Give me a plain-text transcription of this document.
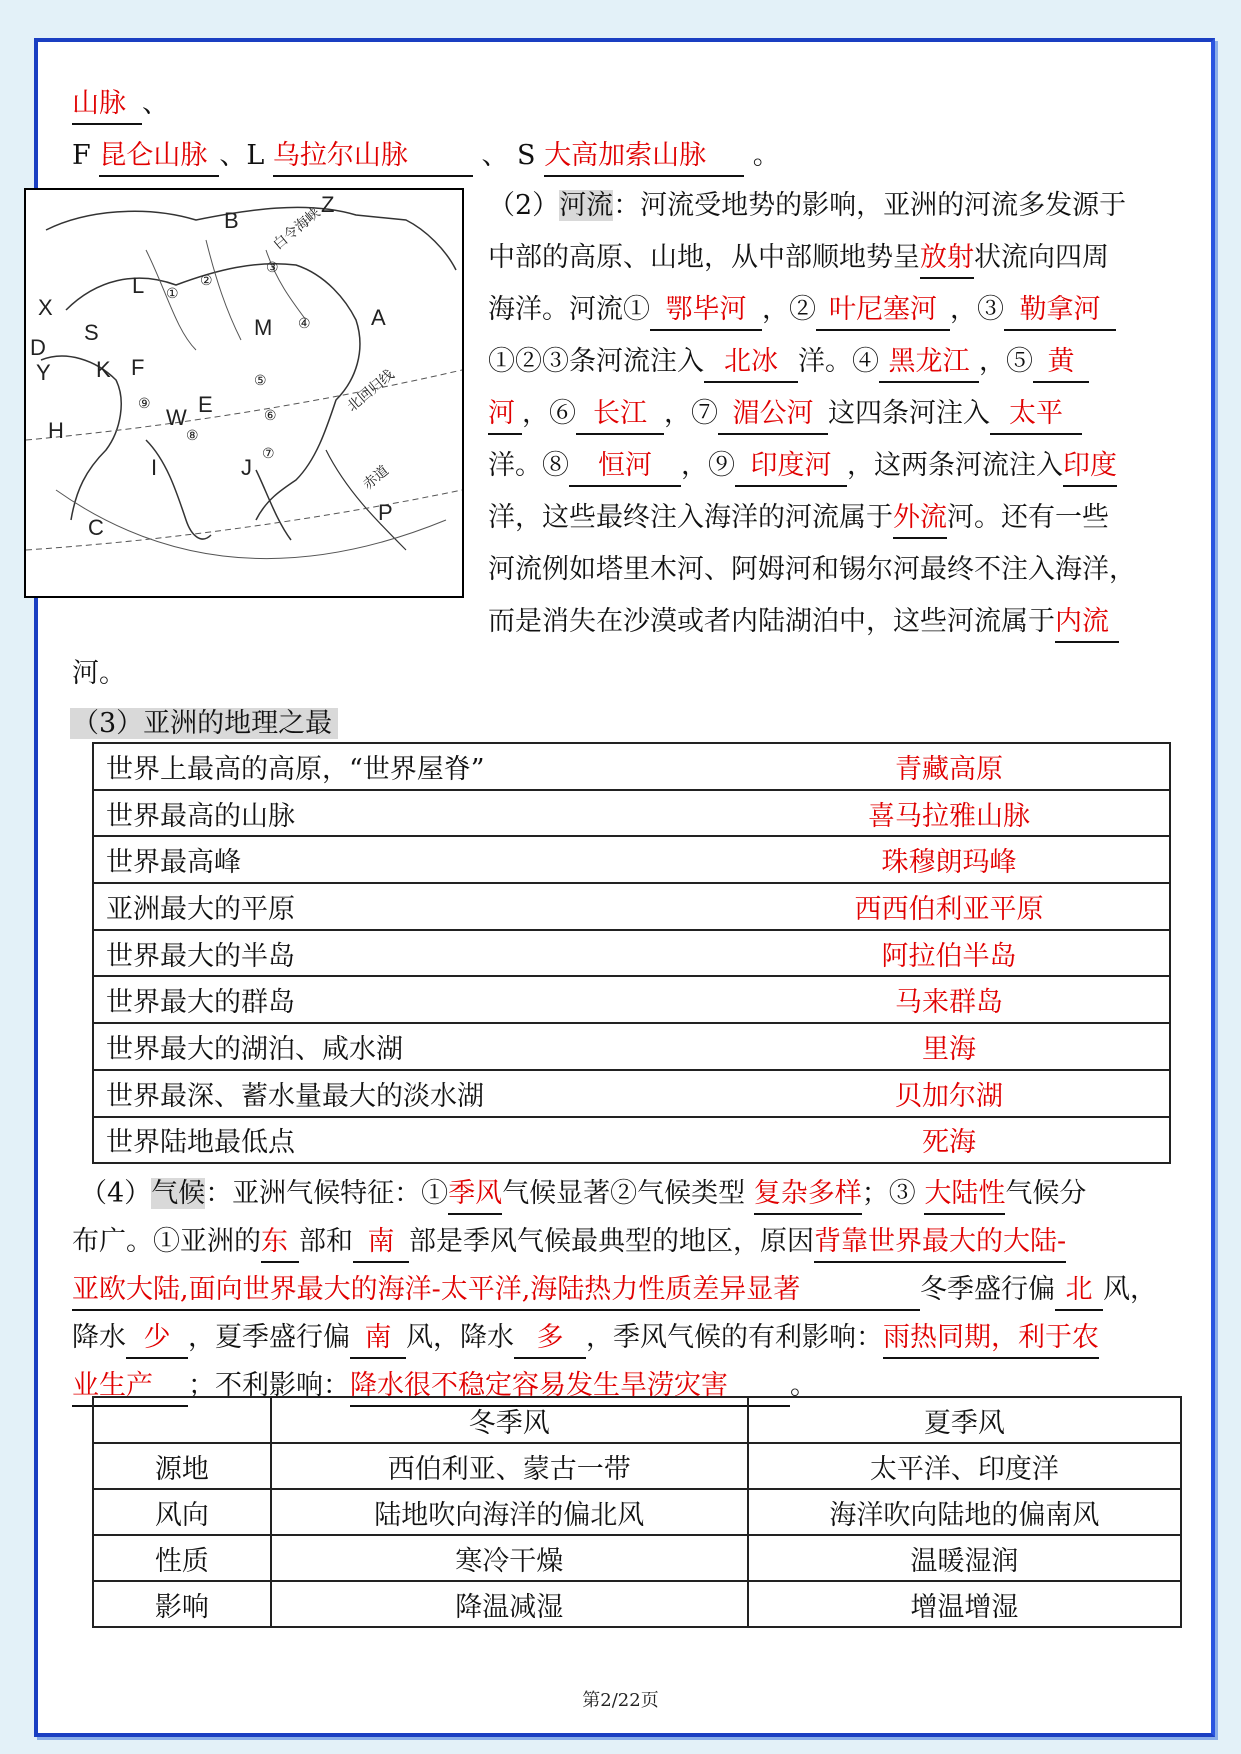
山脉 、
F 昆仑山脉 、L 乌拉尔山脉	、 S 大高加索山脉 。
B
Z
L
X
M	A
S
D
Y K F
H
W
E
I	J
C
P
①
②
③
④
⑤
⑥
⑦
⑧
⑨
白令海峡
北回归线
赤道
（2）河流：河流受地势的影响，亚洲的河流多发源于
中部的高原、山地，从中部顺地势呈放射状流向四周
海洋。河流① 鄂毕河 ，② 叶尼塞河 ，③ 勒拿河
①②③条河流注入 北冰 洋。④ 黑龙江 ，⑤ 黄
河 ，⑥ 长江 ，⑦ 湄公河 这四条河注入 太平
洋。⑧ 恒河 ，⑨ 印度河 ，这两条河流注入印度
洋，这些最终注入海洋的河流属于外流河。还有一些
河流例如塔里木河、阿姆河和锡尔河最终不注入海洋，
而是消失在沙漠或者内陆湖泊中，这些河流属于内流
河。
（3）亚洲的地理之最
世界上最高的高原，“世界屋脊”	青藏高原
世界最高的山脉	喜马拉雅山脉
世界最高峰	珠穆朗玛峰
亚洲最大的平原	西西伯利亚平原
世界最大的半岛	阿拉伯半岛
世界最大的群岛	马来群岛
世界最大的湖泊、咸水湖	里海
世界最深、蓄水量最大的淡水湖	贝加尔湖
世界陆地最低点	死海
（4）气候：亚洲气候特征：①季风气候显著②气候类型 复杂多样；③ 大陆性气候分
布广。①亚洲的东 部和 南 部是季风气候最典型的地区，原因背靠世界最大的大陆-
亚欧大陆,面向世界最大的海洋-太平洋,海陆热力性质差异显著	冬季盛行偏 北 风，
降水 少 ，夏季盛行偏 南 风，降水 多 ，季风气候的有利影响：雨热同期，利于农
业生产 ；不利影响：降水很不稳定容易发生旱涝灾害 。
	冬季风	夏季风
源地	西伯利亚、蒙古一带	太平洋、印度洋
风向	陆地吹向海洋的偏北风	海洋吹向陆地的偏南风
性质	寒冷干燥	温暖湿润
影响	降温减湿	增温增湿
第2/22页
